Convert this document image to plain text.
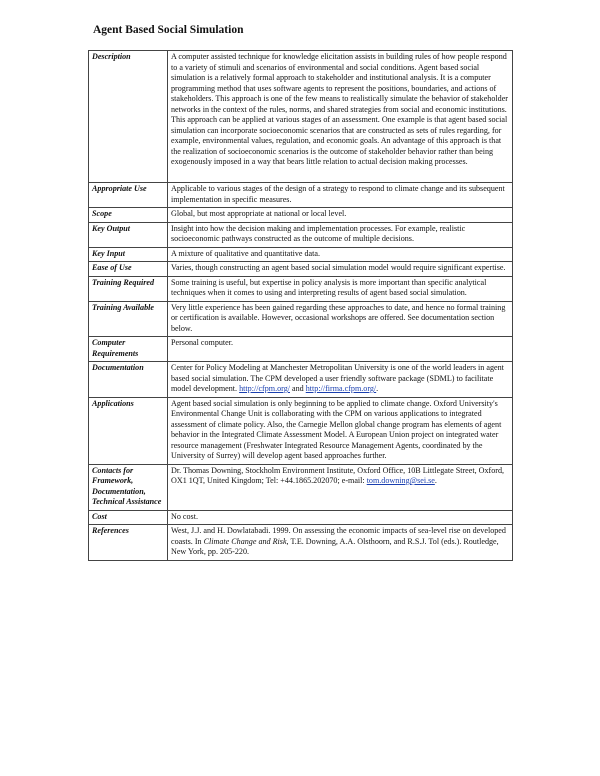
Agent Based Social Simulation
Description	A computer assisted technique for knowledge elicitation assists in building rules of how people respond to a variety of stimuli and scenarios of environmental and social conditions. Agent based social simulation is a relatively formal approach to stakeholder and institutional analysis. It is a computer programming method that uses software agents to represent the positions, boundaries, and actions of stakeholders. This approach is one of the few means to realistically simulate the behavior of stakeholder networks in the context of the rules, norms, and shared strategies from social and economic institutions. This approach can be applied at various stages of an assessment. One example is that agent based social simulation can incorporate socioeconomic scenarios that are constructed as sets of rules regarding, for example, environmental values, regulation, and economic goals. An advantage of this approach is that the realization of socioeconomic scenarios is the outcome of stakeholder behavior rather than being exogenously imposed in a way that bears little relation to actual decision making processes.
Appropriate Use	Applicable to various stages of the design of a strategy to respond to climate change and its subsequent implementation in specific measures.
Scope	Global, but most appropriate at national or local level.
Key Output	Insight into how the decision making and implementation processes. For example, realistic socioeconomic pathways constructed as the outcome of multiple decisions.
Key Input	A mixture of qualitative and quantitative data.
Ease of Use	Varies, though constructing an agent based social simulation model would require significant expertise.
Training Required	Some training is useful, but expertise in policy analysis is more important than specific analytical techniques when it comes to using and interpreting results of agent based social simulation.
Training Available	Very little experience has been gained regarding these approaches to date, and hence no formal training or certification is available. However, occasional workshops are offered. See documentation section below.
Computer Requirements	Personal computer.
Documentation	Center for Policy Modeling at Manchester Metropolitan University is one of the world leaders in agent based social simulation. The CPM developed a user friendly software package (SDML) to facilitate model development. http://cfpm.org/ and http://firma.cfpm.org/.
Applications	Agent based social simulation is only beginning to be applied to climate change. Oxford University's Environmental Change Unit is collaborating with the CPM on various applications to integrated assessment of climate policy. Also, the Carnegie Mellon global change program has elements of agent behavior in the Integrated Climate Assessment Model. A European Union project on integrated water resource management (Freshwater Integrated Resource Management Agents, coordinated by the University of Surrey) will develop agent based approaches further.
Contacts for Framework, Documentation, Technical Assistance	Dr. Thomas Downing, Stockholm Environment Institute, Oxford Office, 10B Littlegate Street, Oxford, OX1 1QT, United Kingdom; Tel: +44.1865.202070; e-mail: tom.downing@sei.se.
Cost	No cost.
References	West, J.J. and H. Dowlatabadi. 1999. On assessing the economic impacts of sea-level rise on developed coasts. In Climate Change and Risk, T.E. Downing, A.A. Olsthoorn, and R.S.J. Tol (eds.). Routledge, New York, pp. 205-220.
